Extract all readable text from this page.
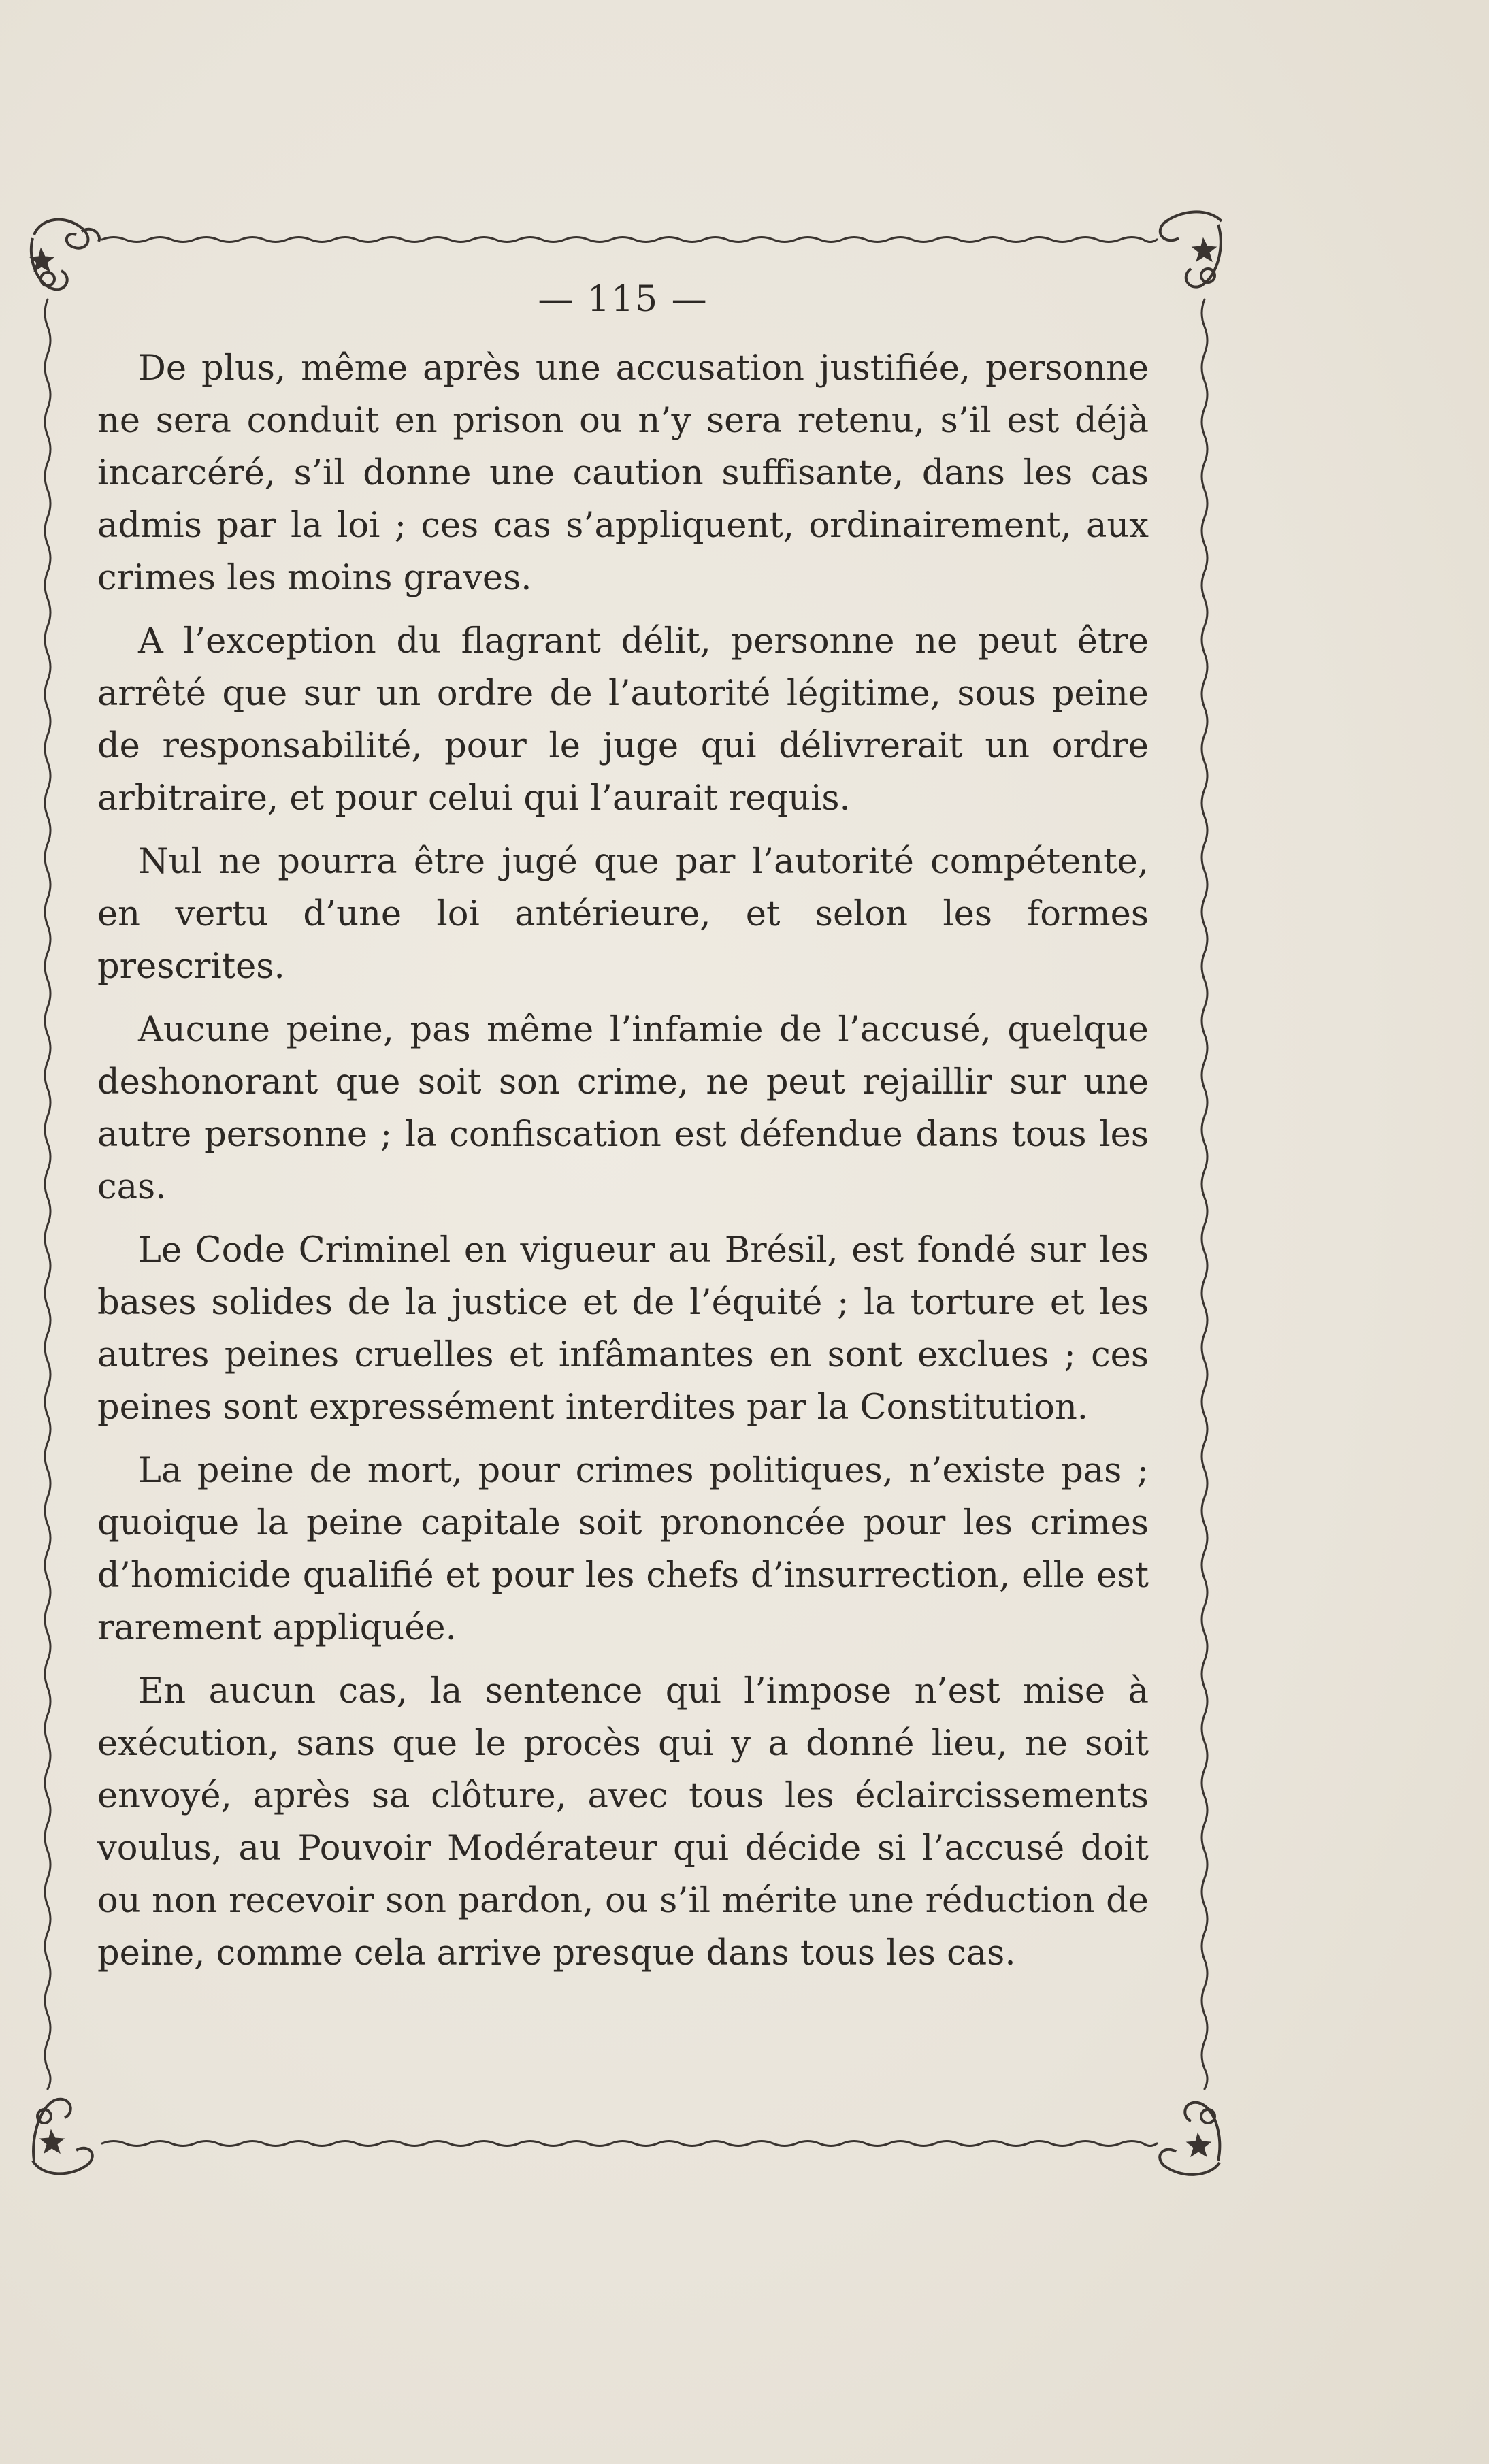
— 115 —

De plus, même après une accusation justifiée, personne ne sera conduit en prison ou n’y sera retenu, s’il est déjà incarcéré, s’il donne une caution suffisante, dans les cas admis par la loi ; ces cas s’appliquent, ordinairement, aux crimes les moins graves.

A l’exception du flagrant délit, personne ne peut être arrêté que sur un ordre de l’autorité légitime, sous peine de responsabilité, pour le juge qui délivrerait un ordre arbitraire, et pour celui qui l’aurait requis.

Nul ne pourra être jugé que par l’autorité compétente, en vertu d’une loi antérieure, et selon les formes prescrites.

Aucune peine, pas même l’infamie de l’accusé, quelque deshonorant que soit son crime, ne peut rejaillir sur une autre personne ; la confiscation est défendue dans tous les cas.

Le Code Criminel en vigueur au Brésil, est fondé sur les bases solides de la justice et de l’équité ; la torture et les autres peines cruelles et infâmantes en sont exclues ; ces peines sont expressément interdites par la Constitution.

La peine de mort, pour crimes politiques, n’existe pas ; quoique la peine capitale soit prononcée pour les crimes d’homicide qualifié et pour les chefs d’insurrection, elle est rarement appliquée.

En aucun cas, la sentence qui l’impose n’est mise à exécution, sans que le procès qui y a donné lieu, ne soit envoyé, après sa clôture, avec tous les éclaircissements voulus, au Pouvoir Modérateur qui décide si l’accusé doit ou non recevoir son pardon, ou s’il mérite une réduction de peine, comme cela arrive presque dans tous les cas.
